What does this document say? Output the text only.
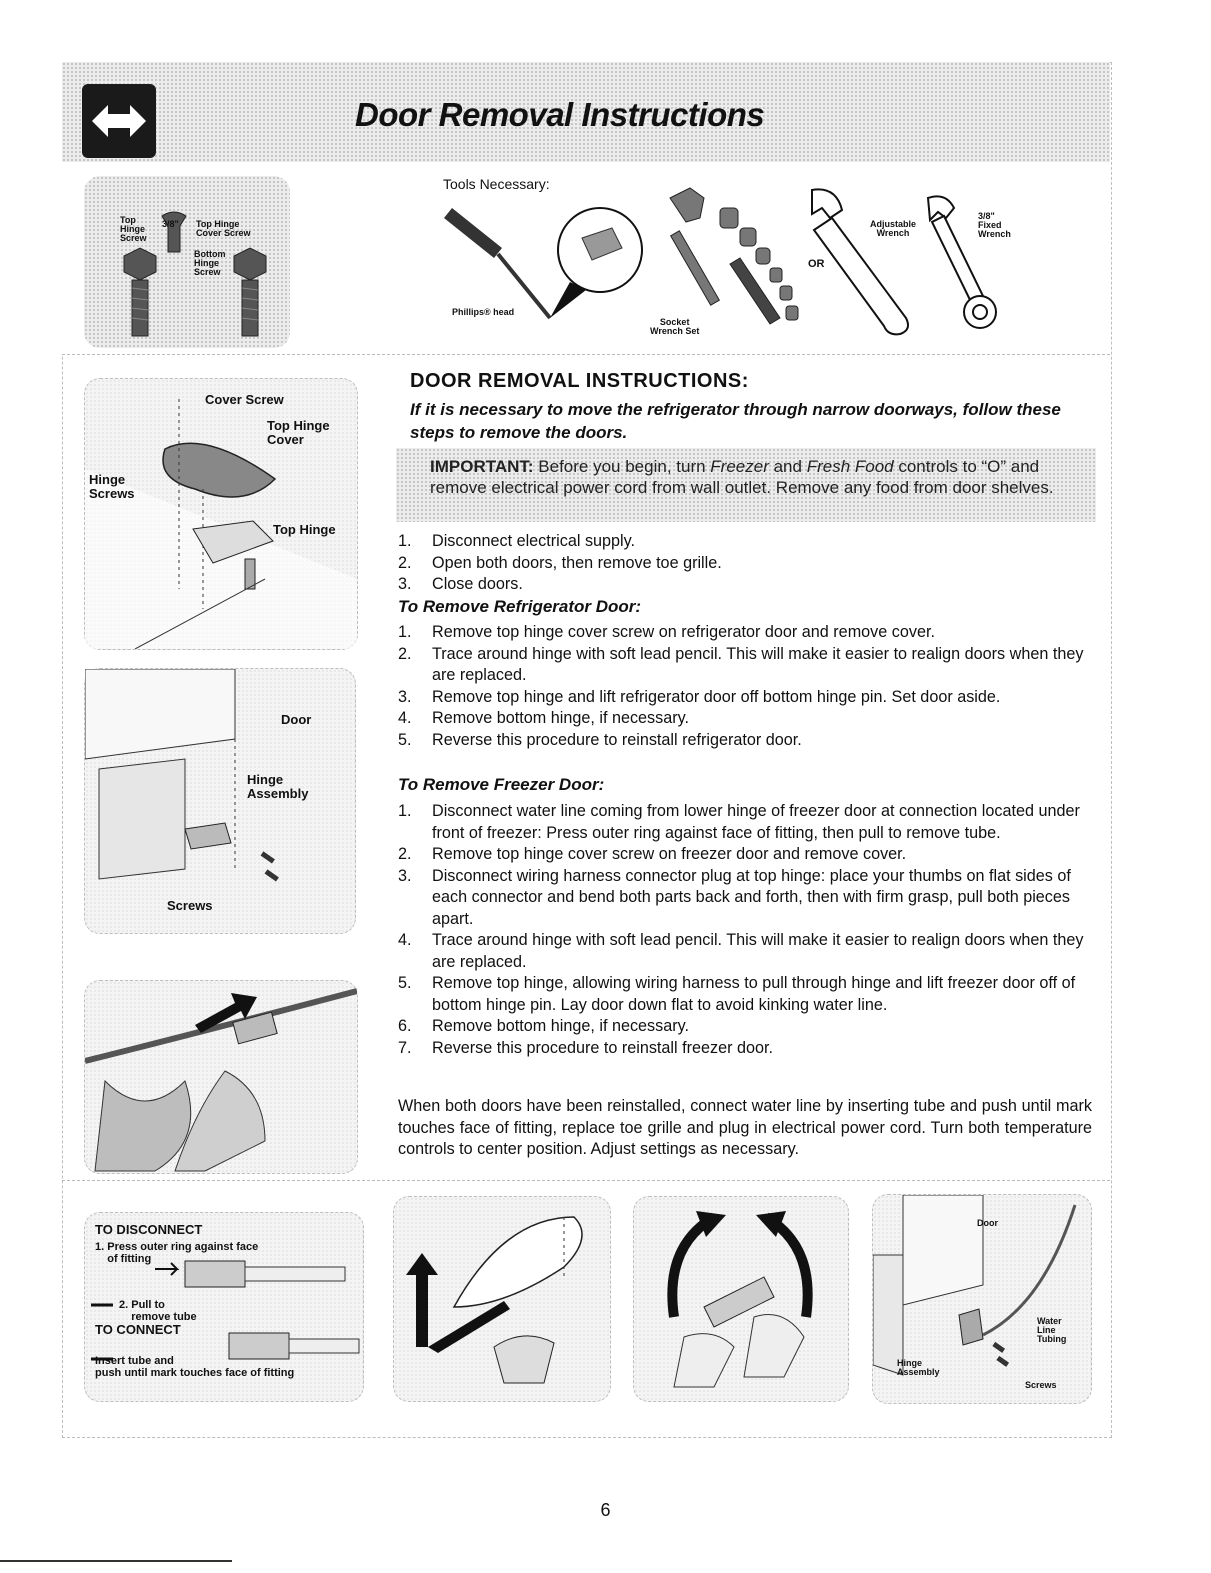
Door Removal Instructions
Top
Hinge
Screw
3/8" Top Hinge
Cover Screw
Bottom
Hinge
Screw
Tools Necessary:
Phillips® head
Socket
Wrench Set
OR
Adjustable
Wrench
3/8"
Fixed
Wrench
Cover Screw
Top Hinge
Cover
Hinge
Screws
Top Hinge
Door
Hinge
Assembly
Screws
DOOR REMOVAL INSTRUCTIONS:
If it is necessary to move the refrigerator through narrow doorways, follow these steps to remove the doors.
IMPORTANT: Before you begin, turn Freezer and Fresh Food controls to “O” and remove electrical power cord from wall outlet. Remove any food from door shelves.
1. Disconnect electrical supply.
2. Open both doors, then remove toe grille.
3. Close doors.
To Remove Refrigerator Door:
1. Remove top hinge cover screw on refrigerator door and remove cover.
2. Trace around hinge with soft lead pencil. This will make it easier to realign doors when they are replaced.
3. Remove top hinge and lift refrigerator door off bottom hinge pin. Set door aside.
4. Remove bottom hinge, if necessary.
5. Reverse this procedure to reinstall refrigerator door.
To Remove Freezer Door:
1. Disconnect water line coming from lower hinge of freezer door at connection located under front of freezer: Press outer ring against face of fitting, then pull to remove tube.
2. Remove top hinge cover screw on freezer door and remove cover.
3. Disconnect wiring harness connector plug at top hinge: place your thumbs on flat sides of each connector and bend both parts back and forth, then with firm grasp, pull both pieces apart.
4. Trace around hinge with soft lead pencil. This will make it easier to realign doors when they are replaced.
5. Remove top hinge, allowing wiring harness to pull through hinge and lift freezer door off of bottom hinge pin. Lay door down flat to avoid kinking water line.
6. Remove bottom hinge, if necessary.
7. Reverse this procedure to reinstall freezer door.
When both doors have been reinstalled, connect water line by inserting tube and push until mark touches face of fitting, replace toe grille and plug in electrical power cord. Turn both temperature controls to center position. Adjust settings as necessary.
TO DISCONNECT
1. Press outer ring against face
of fitting
2. Pull to
remove tube
TO CONNECT
Insert tube and
push until mark touches face of fitting
Door
Water
Line
Tubing
Hinge
Assembly
Screws
6
